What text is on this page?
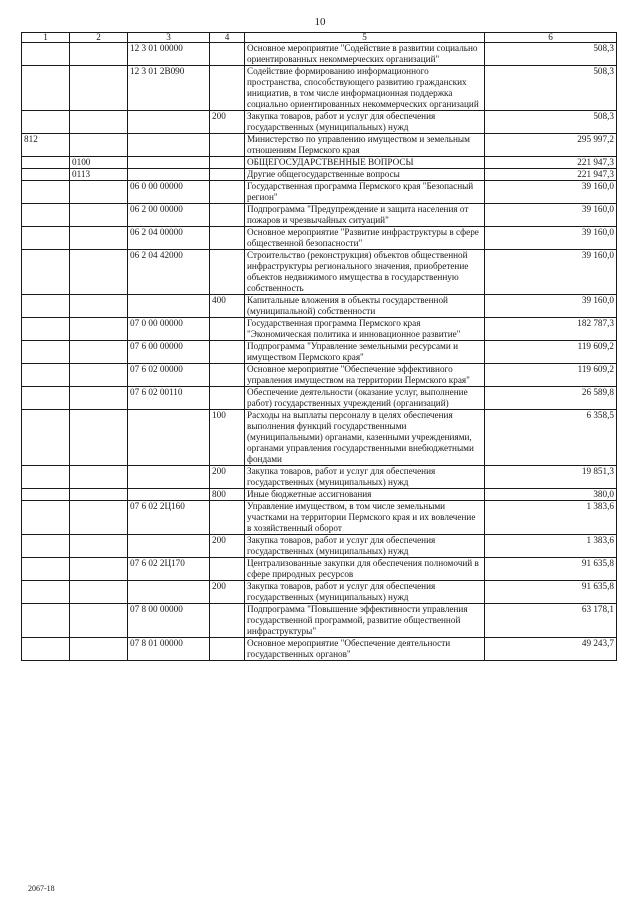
10
1	2	3	4	5	6
		12 3 01 00000		Основное мероприятие "Содействие в развитии социально ориентированных некоммерческих организаций"	508,3
		12 3 01 2В090		Содействие формированию информационного пространства, способствующего развитию гражданских инициатив, в том числе информационная поддержка социально ориентированных некоммерческих организаций	508,3
			200	Закупка товаров, работ и услуг для обеспечения государственных (муниципальных) нужд	508,3
812				Министерство по управлению имуществом и земельным отношениям Пермского края	295 997,2
	0100			ОБЩЕГОСУДАРСТВЕННЫЕ ВОПРОСЫ	221 947,3
	0113			Другие общегосударственные вопросы	221 947,3
		06 0 00 00000		Государственная программа Пермского края "Безопасный регион"	39 160,0
		06 2 00 00000		Подпрограмма "Предупреждение и защита населения от пожаров и чрезвычайных ситуаций"	39 160,0
		06 2 04 00000		Основное мероприятие "Развитие инфраструктуры в сфере общественной безопасности"	39 160,0
		06 2 04 42000		Строительство (реконструкция) объектов общественной инфраструктуры регионального значения, приобретение объектов недвижимого имущества в государственную собственность	39 160,0
			400	Капитальные вложения в объекты государственной (муниципальной) собственности	39 160,0
		07 0 00 00000		Государственная программа Пермского края "Экономическая политика и инновационное развитие"	182 787,3
		07 6 00 00000		Подпрограмма "Управление земельными ресурсами и имуществом Пермского края"	119 609,2
		07 6 02 00000		Основное мероприятие "Обеспечение эффективного управления имуществом на территории Пермского края"	119 609,2
		07 6 02 00110		Обеспечение деятельности (оказание услуг, выполнение работ) государственных учреждений (организаций)	26 589,8
			100	Расходы на выплаты персоналу в целях обеспечения выполнения функций государственными (муниципальными) органами, казенными учреждениями, органами управления государственными внебюджетными фондами	6 358,5
			200	Закупка товаров, работ и услуг для обеспечения государственных (муниципальных) нужд	19 851,3
			800	Иные бюджетные ассигнования	380,0
		07 6 02 2Ц160		Управление имуществом, в том числе земельными участками на территории Пермского края и их вовлечение в хозяйственный оборот	1 383,6
			200	Закупка товаров, работ и услуг для обеспечения государственных (муниципальных) нужд	1 383,6
		07 6 02 2Ц170		Централизованные закупки для обеспечения полномочий в сфере природных ресурсов	91 635,8
			200	Закупка товаров, работ и услуг для обеспечения государственных (муниципальных) нужд	91 635,8
		07 8 00 00000		Подпрограмма "Повышение эффективности управления государственной программой, развитие общественной инфраструктуры"	63 178,1
		07 8 01 00000		Основное мероприятие "Обеспечение деятельности государственных органов"	49 243,7
2067-18
